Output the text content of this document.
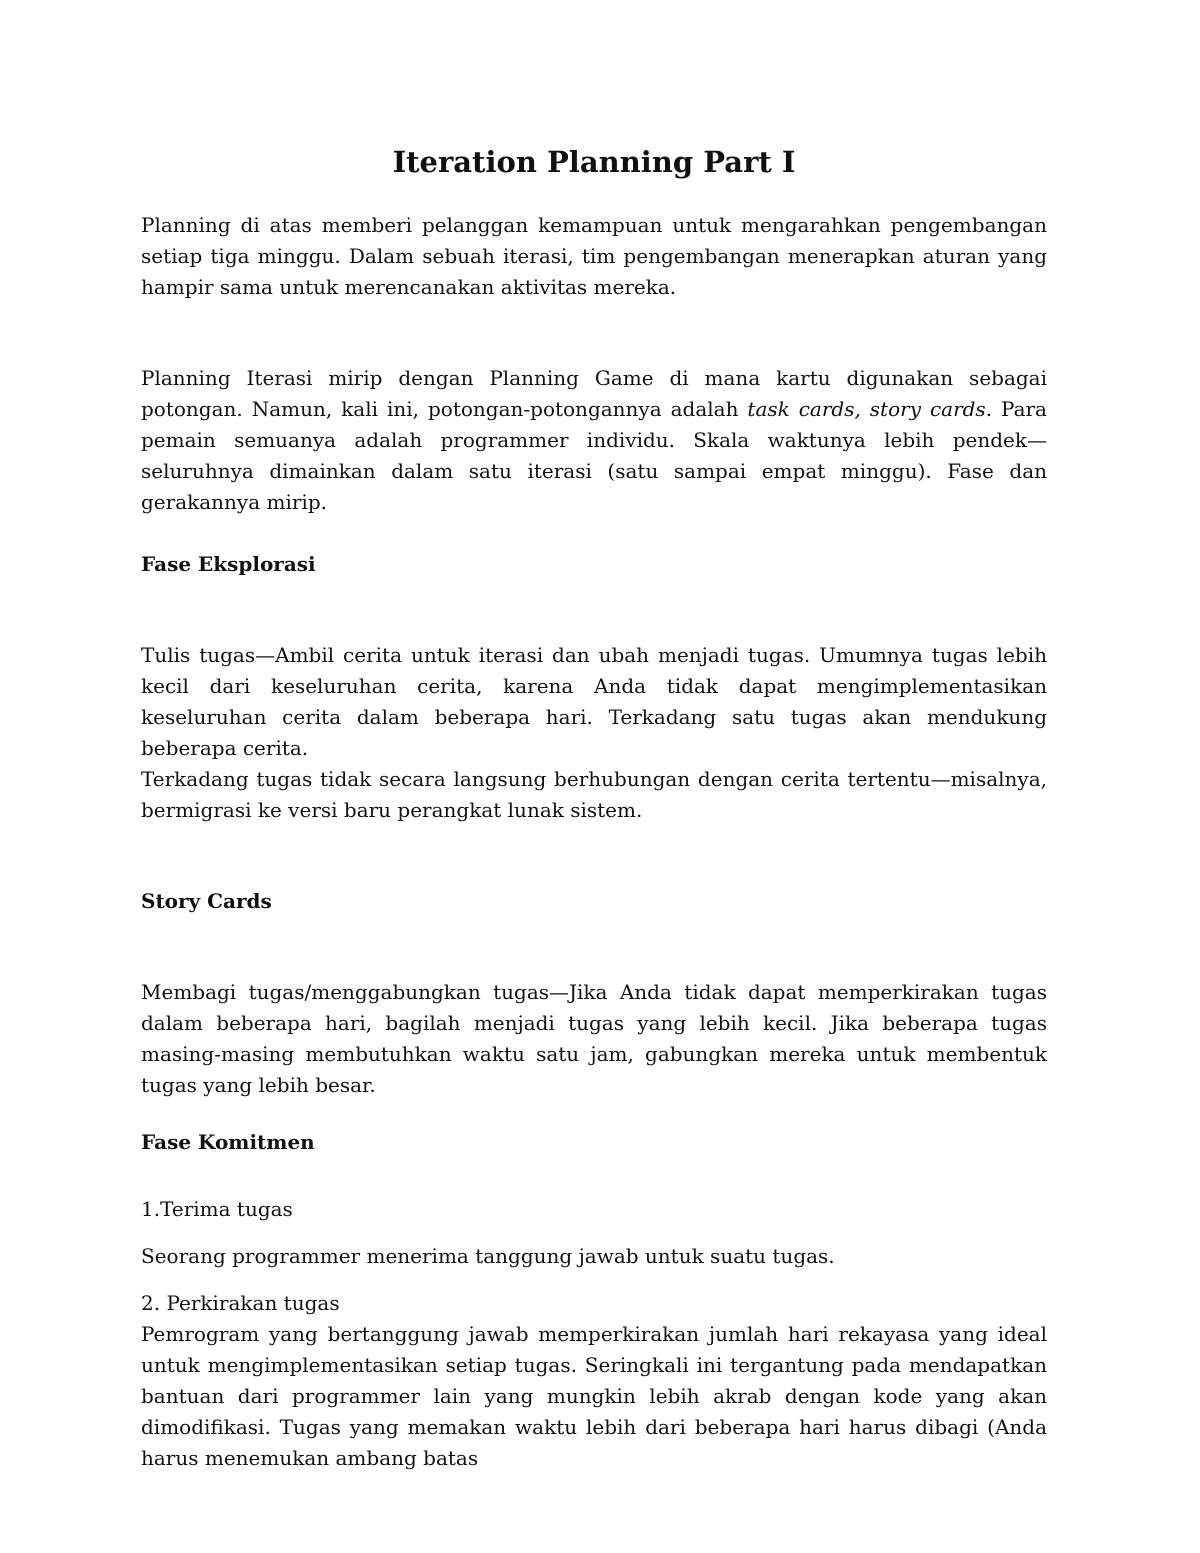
Iteration Planning Part I

Planning di atas memberi pelanggan kemampuan untuk mengarahkan pengembangan setiap tiga minggu. Dalam sebuah iterasi, tim pengembangan menerapkan aturan yang hampir sama untuk merencanakan aktivitas mereka.

Planning Iterasi mirip dengan Planning Game di mana kartu digunakan sebagai potongan. Namun, kali ini, potongan-potongannya adalah task cards, story cards. Para pemain semuanya adalah programmer individu. Skala waktunya lebih pendek—seluruhnya dimainkan dalam satu iterasi (satu sampai empat minggu). Fase dan gerakannya mirip.

Fase Eksplorasi

Tulis tugas—Ambil cerita untuk iterasi dan ubah menjadi tugas. Umumnya tugas lebih kecil dari keseluruhan cerita, karena Anda tidak dapat mengimplementasikan keseluruhan cerita dalam beberapa hari. Terkadang satu tugas akan mendukung beberapa cerita.

Terkadang tugas tidak secara langsung berhubungan dengan cerita tertentu—misalnya, bermigrasi ke versi baru perangkat lunak sistem.

Story Cards

Membagi tugas/menggabungkan tugas—Jika Anda tidak dapat memperkirakan tugas dalam beberapa hari, bagilah menjadi tugas yang lebih kecil. Jika beberapa tugas masing-masing membutuhkan waktu satu jam, gabungkan mereka untuk membentuk tugas yang lebih besar.

Fase Komitmen

1.Terima tugas

Seorang programmer menerima tanggung jawab untuk suatu tugas.

2. Perkirakan tugas

Pemrogram yang bertanggung jawab memperkirakan jumlah hari rekayasa yang ideal untuk mengimplementasikan setiap tugas. Seringkali ini tergantung pada mendapatkan bantuan dari programmer lain yang mungkin lebih akrab dengan kode yang akan dimodifikasi. Tugas yang memakan waktu lebih dari beberapa hari harus dibagi (Anda harus menemukan ambang batas
